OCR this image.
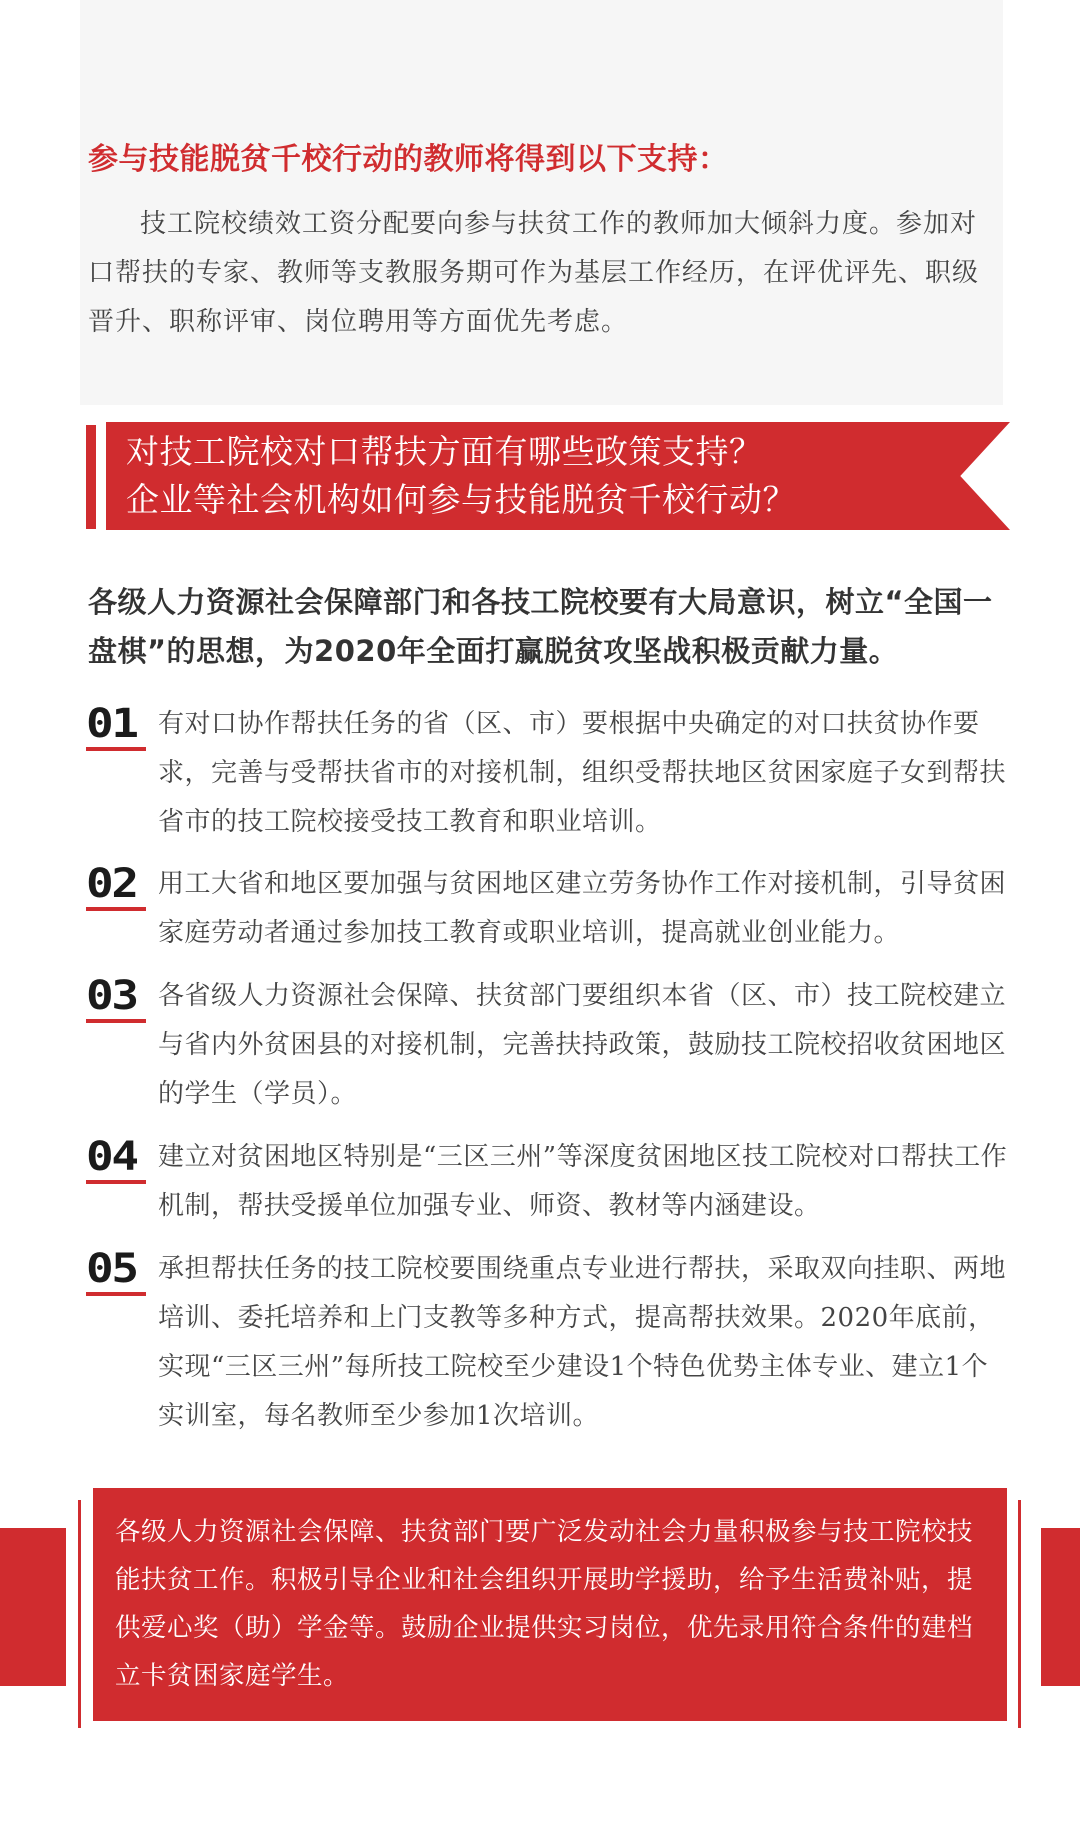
参与技能脱贫千校行动的教师将得到以下支持：
技工院校绩效工资分配要向参与扶贫工作的教师加大倾斜力度。参加对口帮扶的专家、教师等支教服务期可作为基层工作经历，在评优评先、职级晋升、职称评审、岗位聘用等方面优先考虑。
对技工院校对口帮扶方面有哪些政策支持？
企业等社会机构如何参与技能脱贫千校行动？
各级人力资源社会保障部门和各技工院校要有大局意识，树立“全国一盘棋”的思想，为2020年全面打赢脱贫攻坚战积极贡献力量。
01 有对口协作帮扶任务的省（区、市）要根据中央确定的对口扶贫协作要求，完善与受帮扶省市的对接机制，组织受帮扶地区贫困家庭子女到帮扶省市的技工院校接受技工教育和职业培训。
02 用工大省和地区要加强与贫困地区建立劳务协作工作对接机制，引导贫困家庭劳动者通过参加技工教育或职业培训，提高就业创业能力。
03 各省级人力资源社会保障、扶贫部门要组织本省（区、市）技工院校建立与省内外贫困县的对接机制，完善扶持政策，鼓励技工院校招收贫困地区的学生（学员）。
04 建立对贫困地区特别是“三区三州”等深度贫困地区技工院校对口帮扶工作机制，帮扶受援单位加强专业、师资、教材等内涵建设。
05 承担帮扶任务的技工院校要围绕重点专业进行帮扶，采取双向挂职、两地培训、委托培养和上门支教等多种方式，提高帮扶效果。2020年底前，实现“三区三州”每所技工院校至少建设1个特色优势主体专业、建立1个实训室，每名教师至少参加1次培训。
各级人力资源社会保障、扶贫部门要广泛发动社会力量积极参与技工院校技能扶贫工作。积极引导企业和社会组织开展助学援助，给予生活费补贴，提供爱心奖（助）学金等。鼓励企业提供实习岗位，优先录用符合条件的建档立卡贫困家庭学生。
